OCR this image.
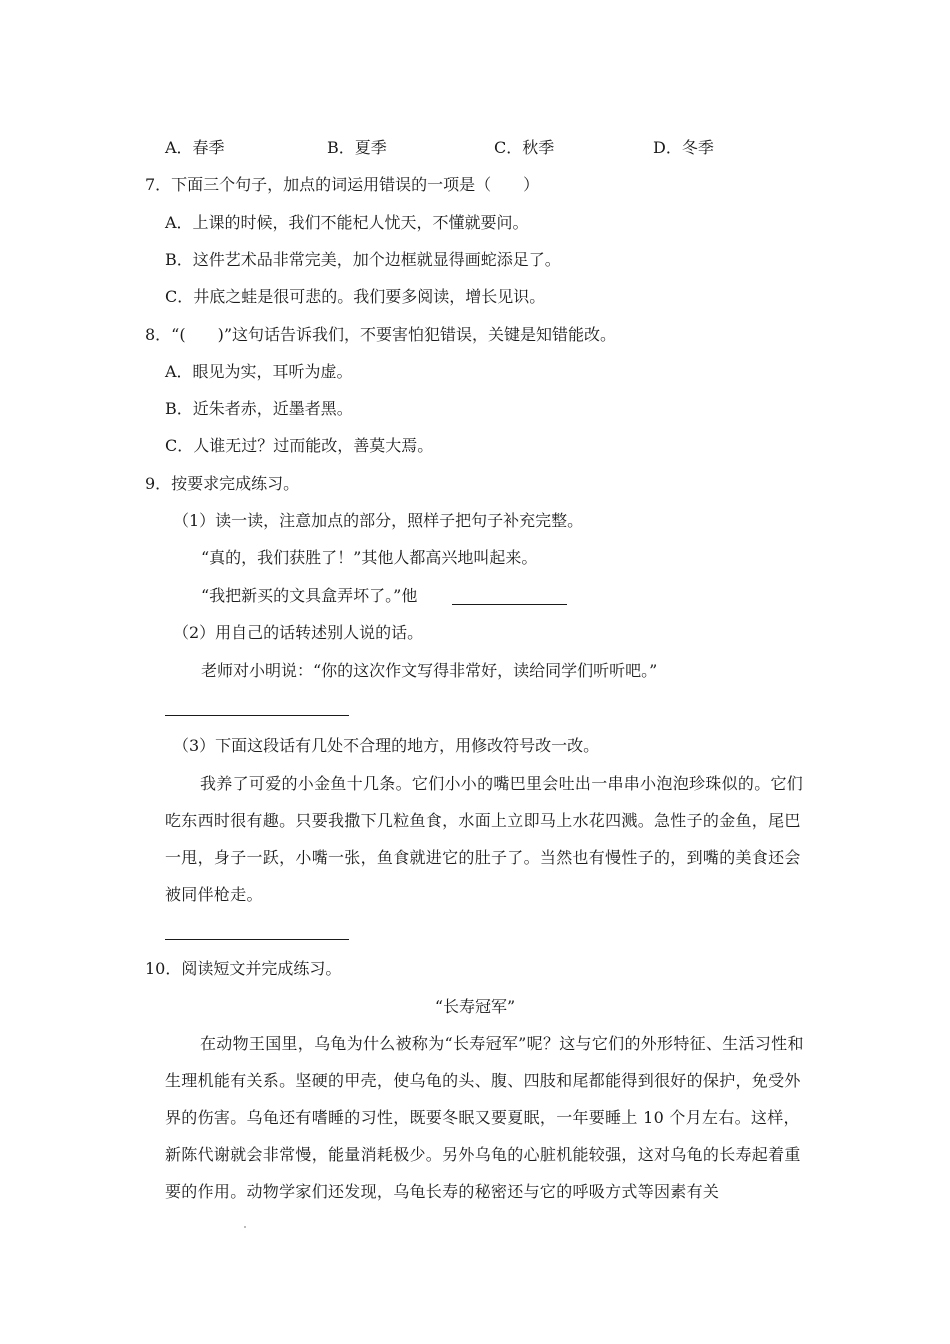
A．春季	B．夏季	C．秋季	D．冬季
7．下面三个句子，加点的词运用错误的一项是（　　）
A．上课的时候，我们不能杞人忧天，不懂就要问。
B．这件艺术品非常完美，加个边框就显得画蛇添足了。
C．井底之蛙是很可悲的。我们要多阅读，增长见识。
8．“(　　)”这句话告诉我们，不要害怕犯错误，关键是知错能改。
A．眼见为实，耳听为虚。
B．近朱者赤，近墨者黑。
C．人谁无过？过而能改，善莫大焉。
9．按要求完成练习。
（1）读一读，注意加点的部分，照样子把句子补充完整。
“真的，我们获胜了！”其他人都高兴地叫起来。
“我把新买的文具盒弄坏了。”他
（2）用自己的话转述别人说的话。
老师对小明说：“你的这次作文写得非常好，读给同学们听听吧。”
（3）下面这段话有几处不合理的地方，用修改符号改一改。
我养了可爱的小金鱼十几条。它们小小的嘴巴里会吐出一串串小泡泡珍珠似的。它们吃东西时很有趣。只要我撒下几粒鱼食，水面上立即马上水花四溅。急性子的金鱼，尾巴一甩，身子一跃，小嘴一张，鱼食就进它的肚子了。当然也有慢性子的，到嘴的美食还会被同伴枪走。
10．阅读短文并完成练习。
“长寿冠军”
在动物王国里，乌龟为什么被称为“长寿冠军”呢？这与它们的外形特征、生活习性和生理机能有关系。坚硬的甲壳，使乌龟的头、腹、四肢和尾都能得到很好的保护，免受外界的伤害。乌龟还有嗜睡的习性，既要冬眠又要夏眠，一年要睡上 10 个月左右。这样，新陈代谢就会非常慢，能量消耗极少。另外乌龟的心脏机能较强，这对乌龟的长寿起着重要的作用。动物学家们还发现，乌龟长寿的秘密还与它的呼吸方式等因素有关
